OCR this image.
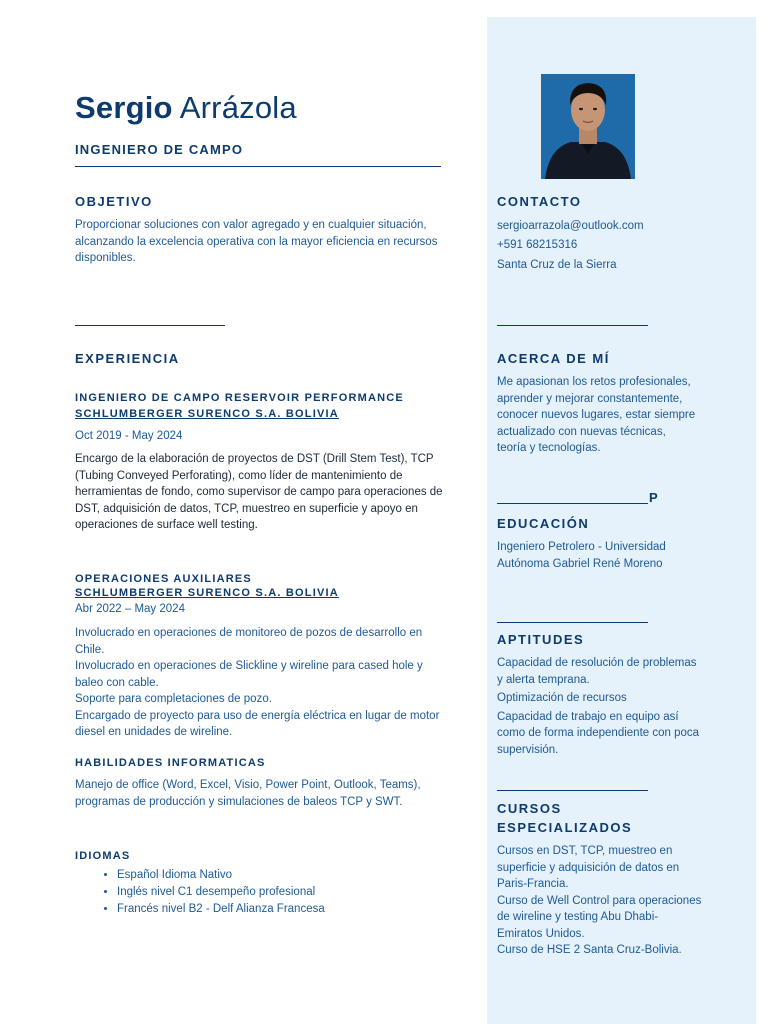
Sergio Arrázola
INGENIERO DE CAMPO
OBJETIVO
Proporcionar soluciones con valor agregado y en cualquier situación, alcanzando la excelencia operativa con la mayor eficiencia en recursos disponibles.
EXPERIENCIA
INGENIERO DE CAMPO RESERVOIR PERFORMANCE
SCHLUMBERGER SURENCO S.A. BOLIVIA
Oct 2019 - May 2024
Encargo de la elaboración de proyectos de DST (Drill Stem Test), TCP (Tubing Conveyed Perforating), como líder de mantenimiento de herramientas de fondo, como supervisor de campo para operaciones de DST, adquisición de datos, TCP, muestreo en superficie y apoyo en operaciones de surface well testing.
OPERACIONES AUXILIARES
SCHLUMBERGER SURENCO S.A. BOLIVIA
Abr 2022 – May 2024

Involucrado en operaciones de monitoreo de pozos de desarrollo en Chile.

Involucrado en operaciones de Slickline y wireline para cased hole y baleo con cable.

Soporte para completaciones de pozo.

Encargado de proyecto para uso de energía eléctrica en lugar de motor diesel en unidades de wireline.

HABILIDADES INFORMATICAS
Manejo de office (Word, Excel, Visio, Power Point, Outlook, Teams), programas de producción y simulaciones de baleos TCP y SWT.
IDIOMAS
• Español Idioma Nativo
• Inglés nivel C1 desempeño profesional
• Francés nivel B2 - Delf Alianza Francesa
CONTACTO
sergioarrazola@outlook.com
+591 68215316
Santa Cruz de la Sierra
ACERCA DE MÍ
Me apasionan los retos profesionales, aprender y mejorar constantemente, conocer nuevos lugares, estar siempre actualizado con nuevas técnicas, teoría y tecnologías.
P
EDUCACIÓN
Ingeniero Petrolero - Universidad Autónoma Gabriel René Moreno
APTITUDES

Capacidad de resolución de problemas y alerta temprana.

Optimización de recursos

Capacidad de trabajo en equipo así como de forma independiente con poca supervisión.

CURSOS
ESPECIALIZADOS

Cursos en DST, TCP, muestreo en superficie y adquisición de datos en Paris-Francia.

Curso de Well Control para operaciones de wireline y testing Abu Dhabi-Emiratos Unidos.

Curso de HSE 2 Santa Cruz-Bolivia.
